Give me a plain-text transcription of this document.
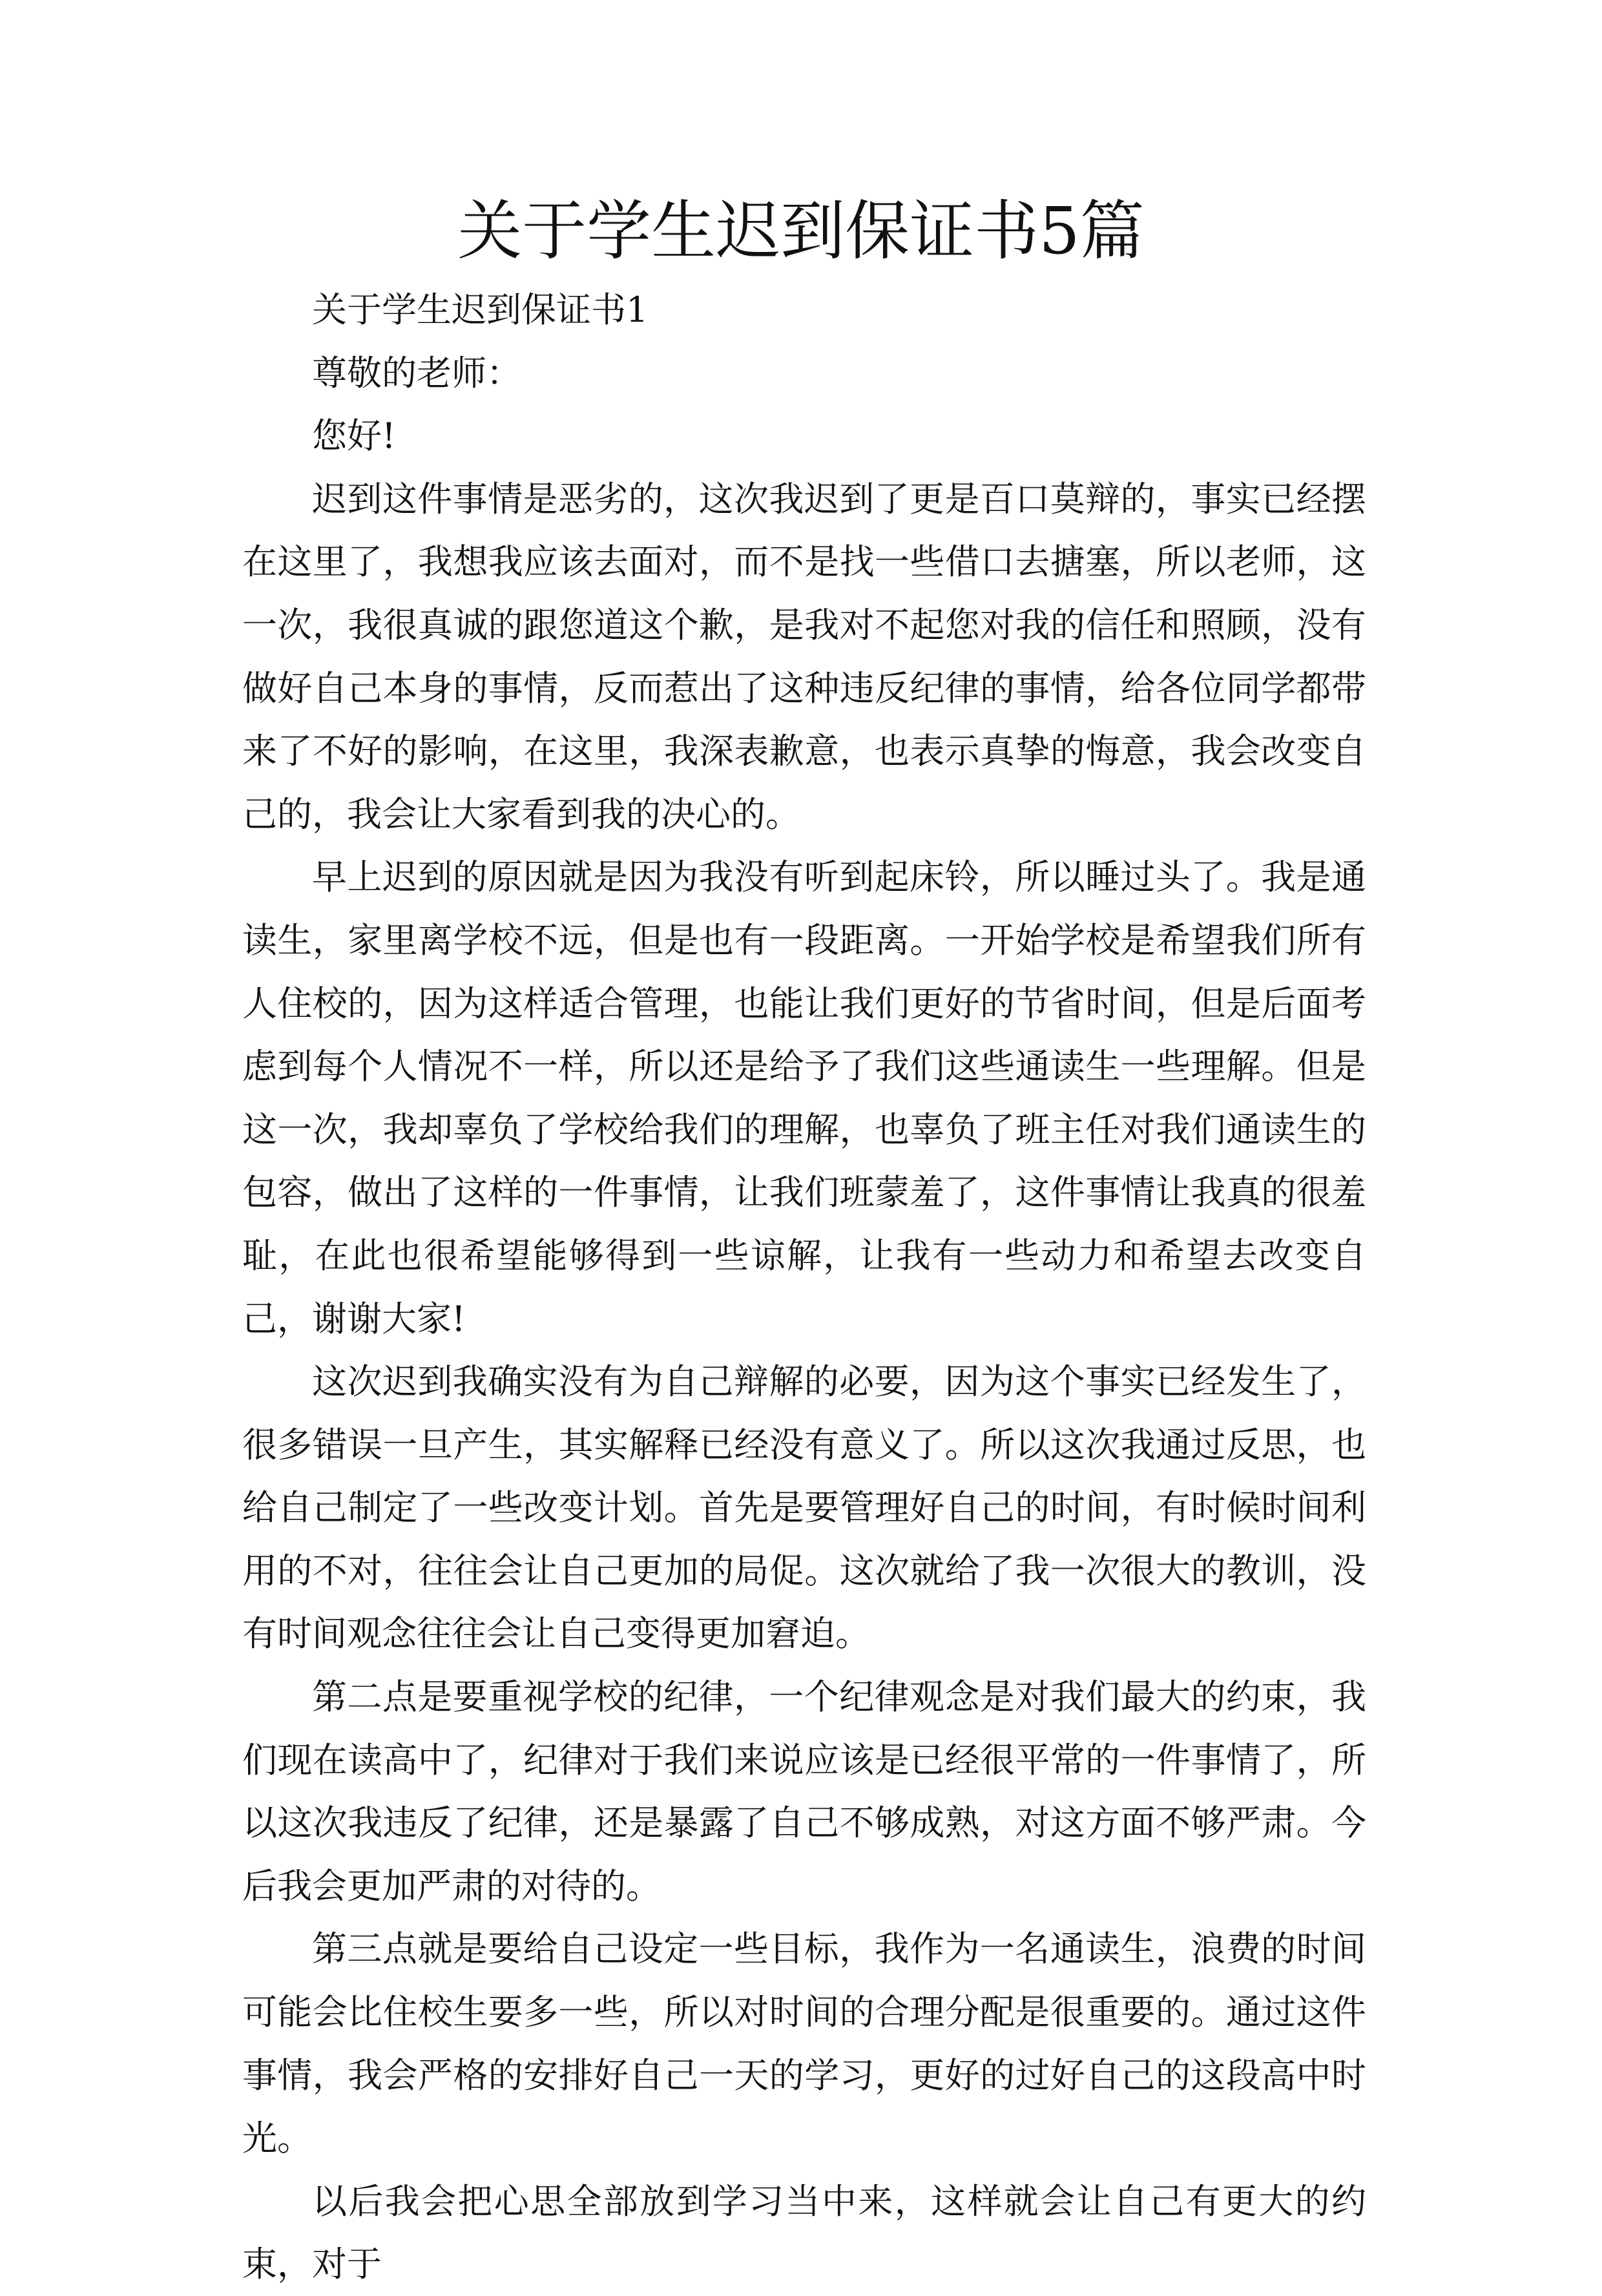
关于学生迟到保证书5篇

关于学生迟到保证书1

尊敬的老师：

您好!

迟到这件事情是恶劣的，这次我迟到了更是百口莫辩的，事实已经摆在这里了，我想我应该去面对，而不是找一些借口去搪塞，所以老师，这一次，我很真诚的跟您道这个歉，是我对不起您对我的信任和照顾，没有做好自己本身的事情，反而惹出了这种违反纪律的事情，给各位同学都带来了不好的影响，在这里，我深表歉意，也表示真挚的悔意，我会改变自己的，我会让大家看到我的决心的。

早上迟到的原因就是因为我没有听到起床铃，所以睡过头了。我是通读生，家里离学校不远，但是也有一段距离。一开始学校是希望我们所有人住校的，因为这样适合管理，也能让我们更好的节省时间，但是后面考虑到每个人情况不一样，所以还是给予了我们这些通读生一些理解。但是这一次，我却辜负了学校给我们的理解，也辜负了班主任对我们通读生的包容，做出了这样的一件事情，让我们班蒙羞了，这件事情让我真的很羞耻，在此也很希望能够得到一些谅解，让我有一些动力和希望去改变自己，谢谢大家!

这次迟到我确实没有为自己辩解的必要，因为这个事实已经发生了，很多错误一旦产生，其实解释已经没有意义了。所以这次我通过反思，也给自己制定了一些改变计划。首先是要管理好自己的时间，有时候时间利用的不对，往往会让自己更加的局促。这次就给了我一次很大的教训，没有时间观念往往会让自己变得更加窘迫。

第二点是要重视学校的纪律，一个纪律观念是对我们最大的约束，我们现在读高中了，纪律对于我们来说应该是已经很平常的一件事情了，所以这次我违反了纪律，还是暴露了自己不够成熟，对这方面不够严肃。今后我会更加严肃的对待的。

第三点就是要给自己设定一些目标，我作为一名通读生，浪费的时间可能会比住校生要多一些，所以对时间的合理分配是很重要的。通过这件事情，我会严格的安排好自己一天的学习，更好的过好自己的这段高中时光。

以后我会把心思全部放到学习当中来，这样就会让自己有更大的约束，对于
